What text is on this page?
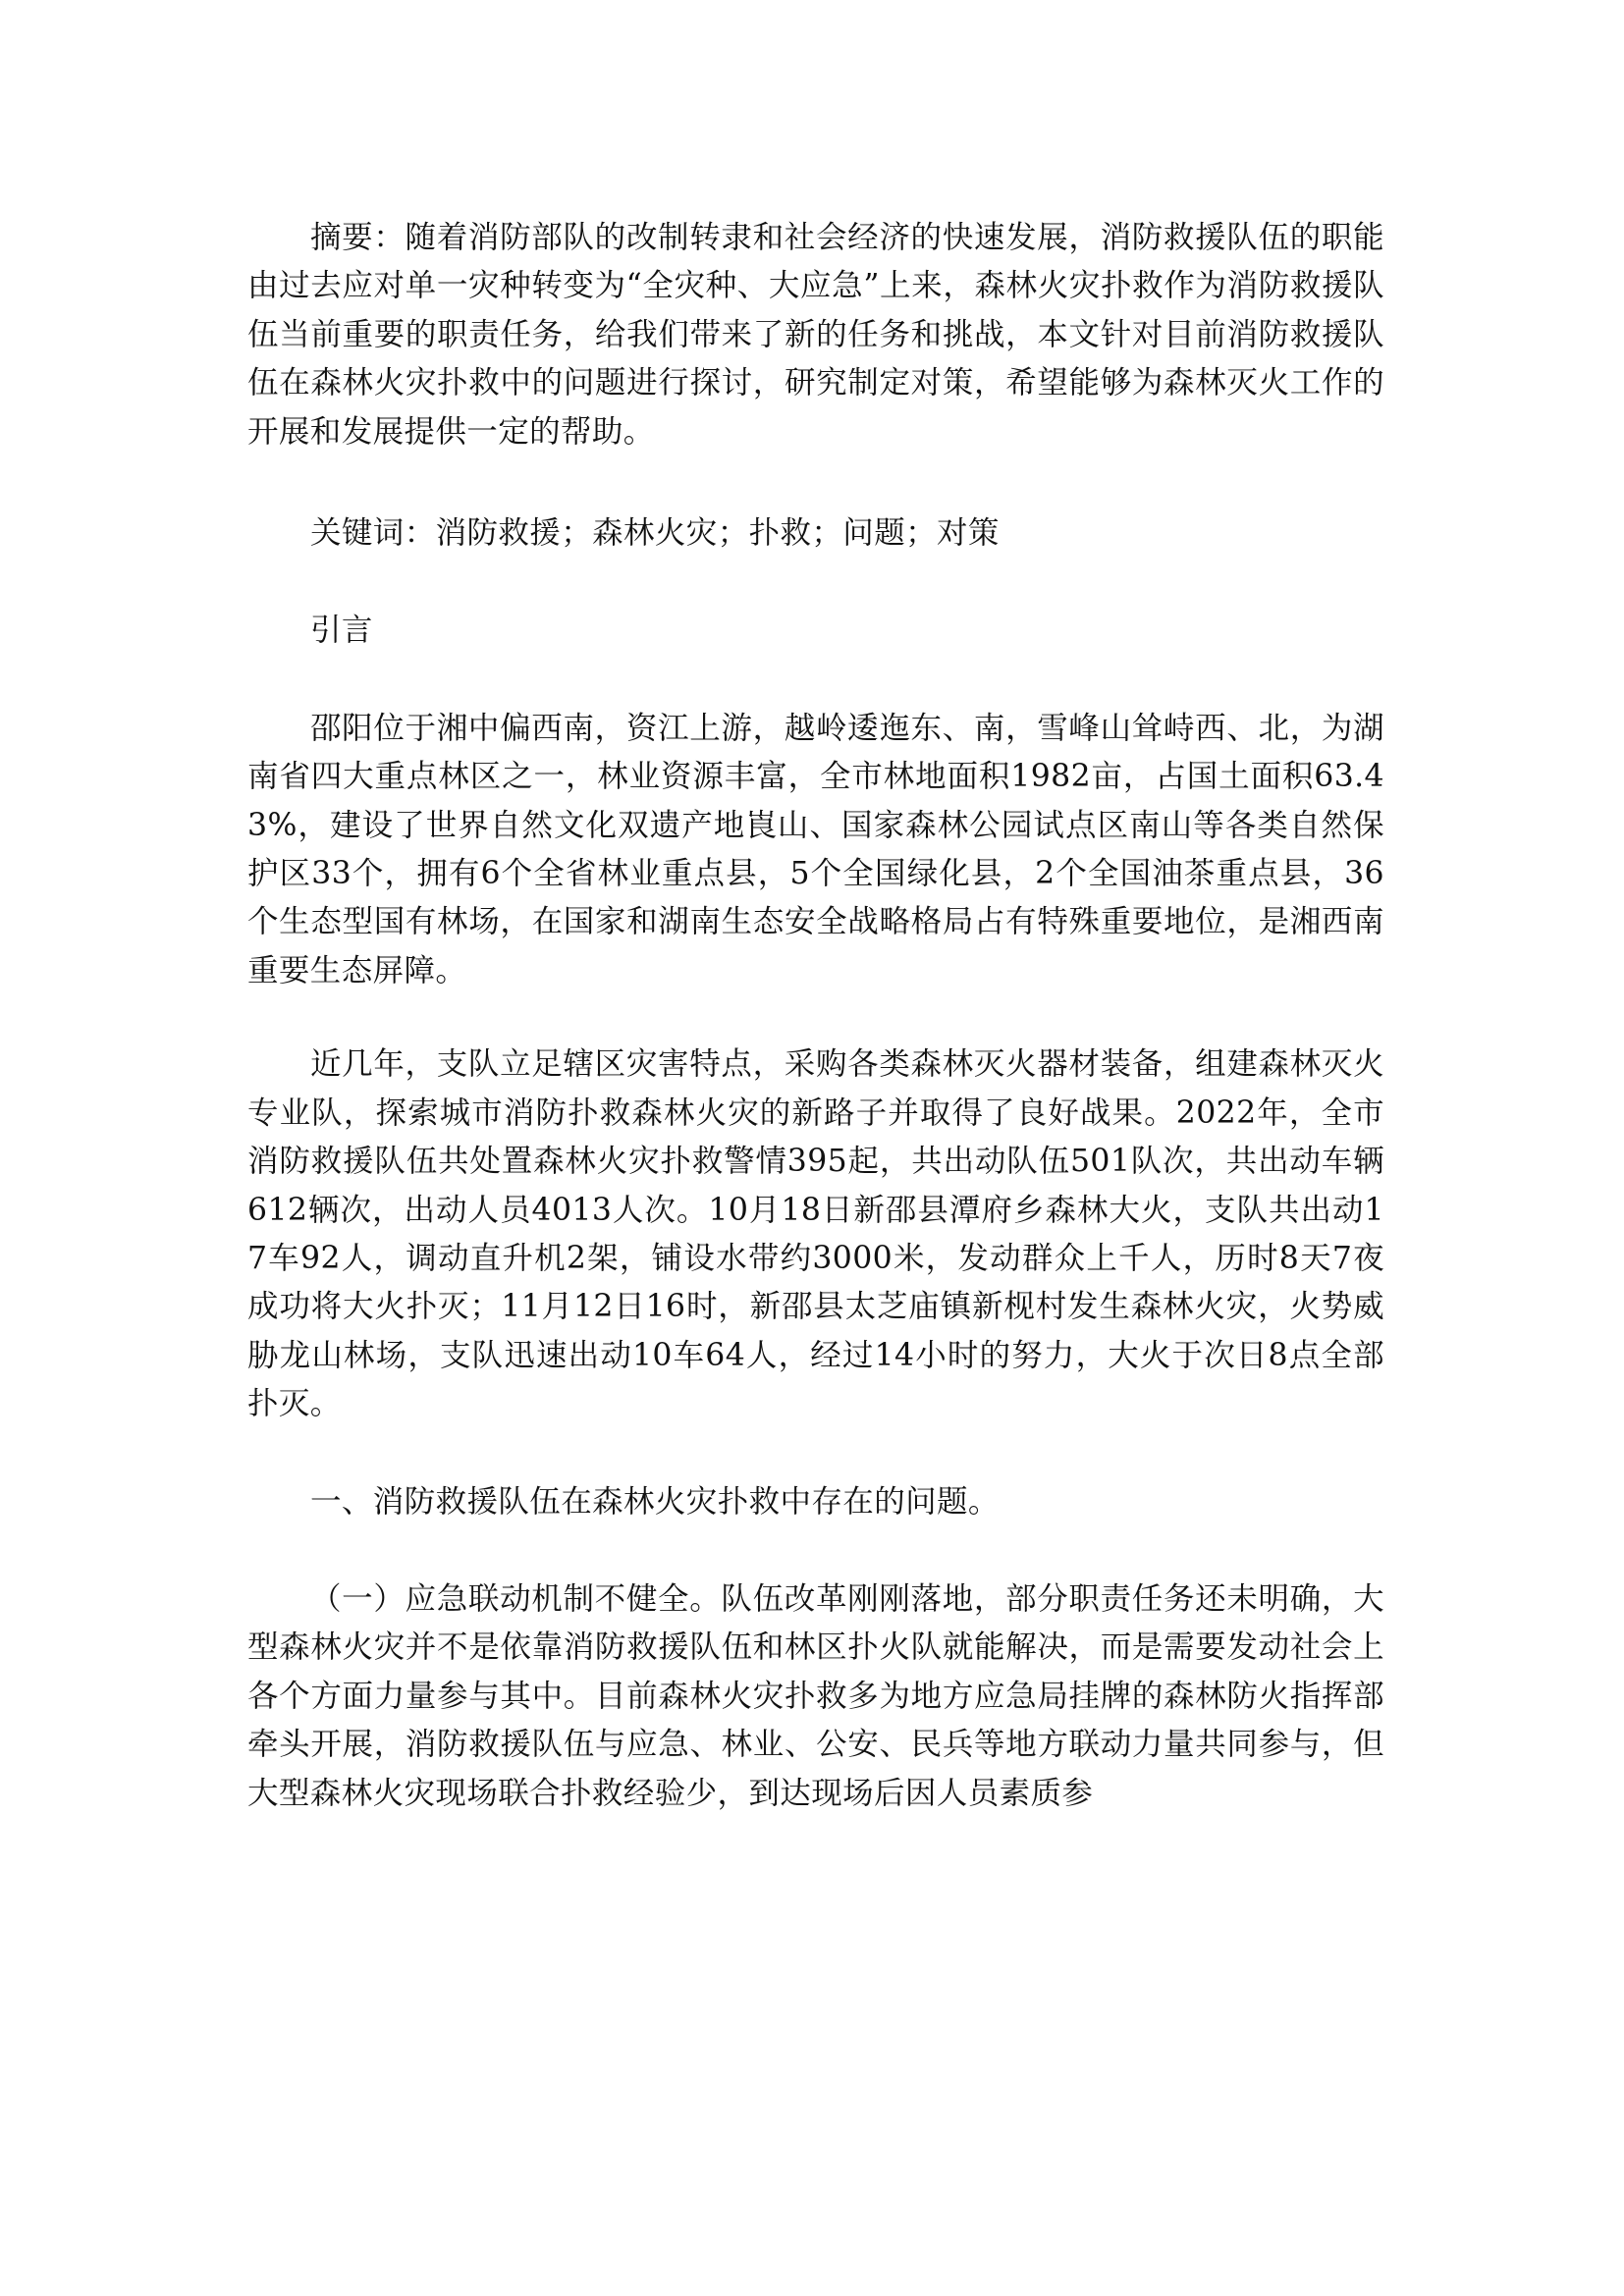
摘要：随着消防部队的改制转隶和社会经济的快速发展，消防救援队伍的职能由过去应对单一灾种转变为“全灾种、大应急”上来，森林火灾扑救作为消防救援队伍当前重要的职责任务，给我们带来了新的任务和挑战，本文针对目前消防救援队伍在森林火灾扑救中的问题进行探讨，研究制定对策，希望能够为森林灭火工作的开展和发展提供一定的帮助。

关键词：消防救援；森林火灾；扑救；问题；对策

引言

邵阳位于湘中偏西南，资江上游，越岭逶迤东、南，雪峰山耸峙西、北，为湖南省四大重点林区之一，林业资源丰富，全市林地面积1982亩，占国土面积63.43%，建设了世界自然文化双遗产地崀山、国家森林公园试点区南山等各类自然保护区33个，拥有6个全省林业重点县，5个全国绿化县，2个全国油茶重点县，36个生态型国有林场，在国家和湖南生态安全战略格局占有特殊重要地位，是湘西南重要生态屏障。

近几年，支队立足辖区灾害特点，采购各类森林灭火器材装备，组建森林灭火专业队，探索城市消防扑救森林火灾的新路子并取得了良好战果。2022年，全市消防救援队伍共处置森林火灾扑救警情395起，共出动队伍501队次，共出动车辆612辆次，出动人员4013人次。10月18日新邵县潭府乡森林大火，支队共出动17车92人，调动直升机2架，铺设水带约3000米，发动群众上千人，历时8天7夜成功将大火扑灭；11月12日16时，新邵县太芝庙镇新枧村发生森林火灾，火势威胁龙山林场，支队迅速出动10车64人，经过14小时的努力，大火于次日8点全部扑灭。

一、消防救援队伍在森林火灾扑救中存在的问题。

（一）应急联动机制不健全。队伍改革刚刚落地，部分职责任务还未明确，大型森林火灾并不是依靠消防救援队伍和林区扑火队就能解决，而是需要发动社会上各个方面力量参与其中。目前森林火灾扑救多为地方应急局挂牌的森林防火指挥部牵头开展，消防救援队伍与应急、林业、公安、民兵等地方联动力量共同参与，但大型森林火灾现场联合扑救经验少，到达现场后因人员素质参
